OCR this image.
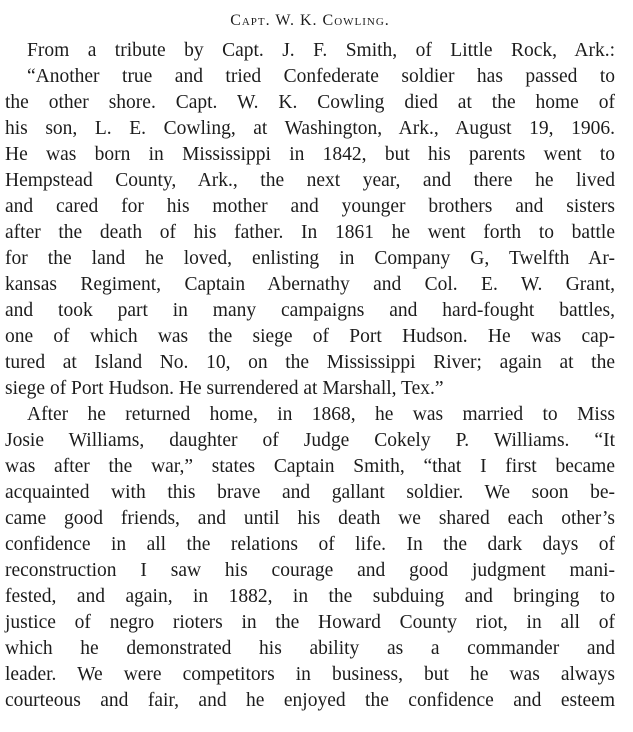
Capt. W. K. Cowling.
From a tribute by Capt. J. F. Smith, of Little Rock, Ark.:
“Another true and tried Confederate soldier has passed to
the other shore. Capt. W. K. Cowling died at the home of
his son, L. E. Cowling, at Washington, Ark., August 19, 1906.
He was born in Mississippi in 1842, but his parents went to
Hempstead County, Ark., the next year, and there he lived
and cared for his mother and younger brothers and sisters
after the death of his father. In 1861 he went forth to battle
for the land he loved, enlisting in Company G, Twelfth Ar-
kansas Regiment, Captain Abernathy and Col. E. W. Grant,
and took part in many campaigns and hard-fought battles,
one of which was the siege of Port Hudson. He was cap-
tured at Island No. 10, on the Mississippi River; again at the
siege of Port Hudson. He surrendered at Marshall, Tex.”
After he returned home, in 1868, he was married to Miss
Josie Williams, daughter of Judge Cokely P. Williams. “It
was after the war,” states Captain Smith, “that I first became
acquainted with this brave and gallant soldier. We soon be-
came good friends, and until his death we shared each other’s
confidence in all the relations of life. In the dark days of
reconstruction I saw his courage and good judgment mani-
fested, and again, in 1882, in the subduing and bringing to
justice of negro rioters in the Howard County riot, in all of
which he demonstrated his ability as a commander and
leader. We were competitors in business, but he was always
courteous and fair, and he enjoyed the confidence and esteem
